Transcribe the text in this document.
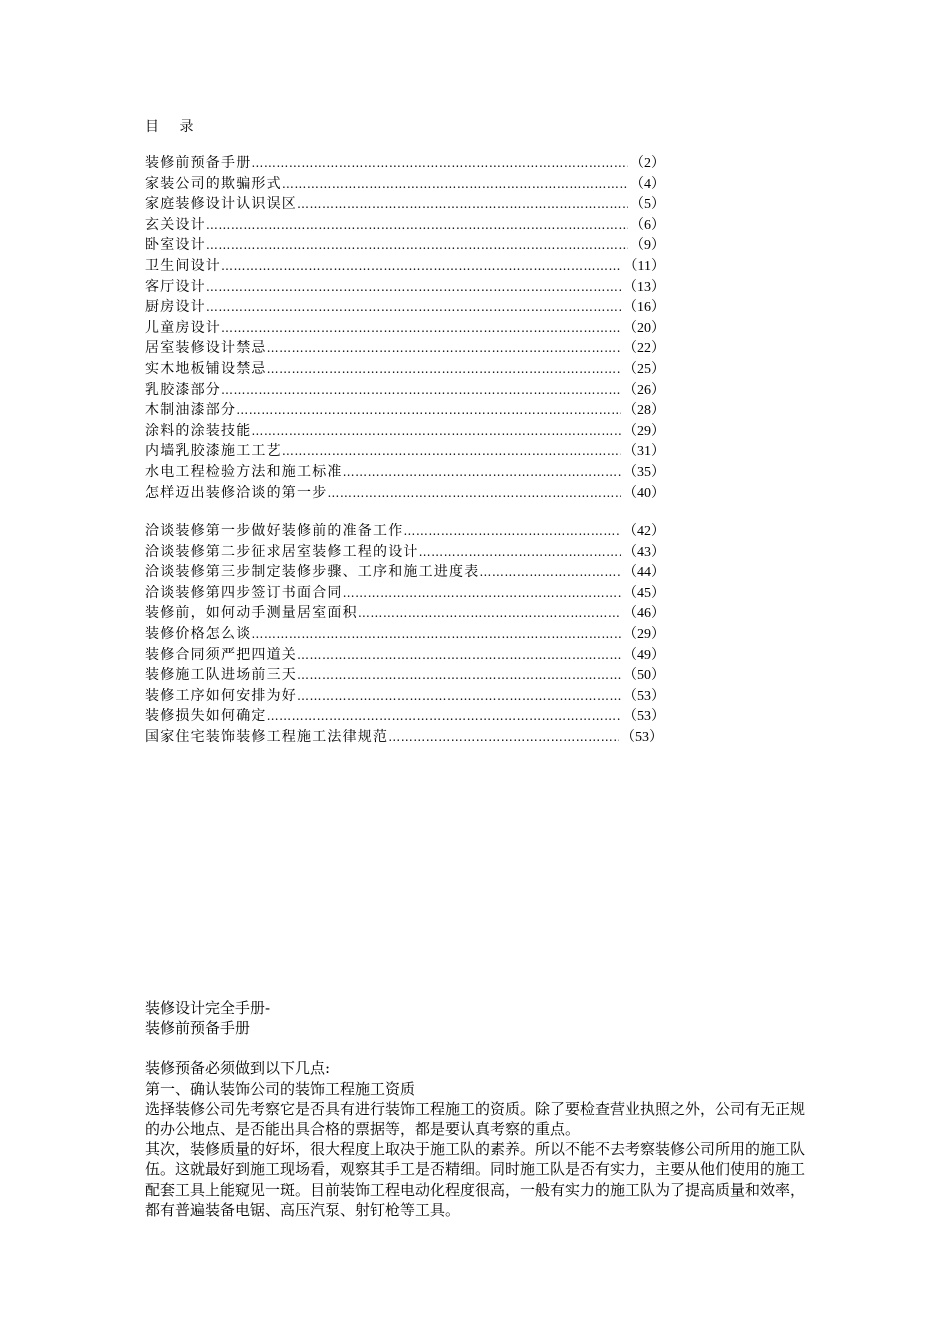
目 录
装修前预备手册 …………………………………………………………………………………………………………………………………………………………	（ 2 ）
家装公司的欺骗形式 …………………………………………………………………………………………………………………………………………………………	（ 4 ）
家庭装修设计认识误区 …………………………………………………………………………………………………………………………………………………………	（ 5 ）
玄关设计 …………………………………………………………………………………………………………………………………………………………	（ 6 ）
卧室设计 …………………………………………………………………………………………………………………………………………………………	（ 9 ）
卫生间设计 …………………………………………………………………………………………………………………………………………………………	（ 11 ）
客厅设计 …………………………………………………………………………………………………………………………………………………………	（ 13 ）
厨房设计 …………………………………………………………………………………………………………………………………………………………	（ 16 ）
儿童房设计 …………………………………………………………………………………………………………………………………………………………	（ 20 ）
居室装修设计禁忌 …………………………………………………………………………………………………………………………………………………………	（ 22 ）
实木地板铺设禁忌 …………………………………………………………………………………………………………………………………………………………	（ 25 ）
乳胶漆部分 …………………………………………………………………………………………………………………………………………………………	（ 26 ）
木制油漆部分 …………………………………………………………………………………………………………………………………………………………	（ 28 ）
涂料的涂装技能 …………………………………………………………………………………………………………………………………………………………	（ 29 ）
内墙乳胶漆施工工艺 …………………………………………………………………………………………………………………………………………………………	（ 31 ）
水电工程检验方法和施工标准 …………………………………………………………………………………………………………………………………………………………	（ 35 ）
怎样迈出装修洽谈的第一步 …………………………………………………………………………………………………………………………………………………………	（ 40 ）
洽谈装修第一步做好装修前的准备工作 …………………………………………………………………………………………………………………………………………………………	（ 42 ）
洽谈装修第二步征求居室装修工程的设计 …………………………………………………………………………………………………………………………………………………………	（ 43 ）
洽谈装修第三步制定装修步骤、工序和施工进度表 …………………………………………………………………………………………………………………………………………………………	（ 44 ）
洽谈装修第四步签订书面合同 …………………………………………………………………………………………………………………………………………………………	（ 45 ）
装修前，如何动手测量居室面积 …………………………………………………………………………………………………………………………………………………………	（ 46 ）
装修价格怎么谈 …………………………………………………………………………………………………………………………………………………………	（ 29 ）
装修合同须严把四道关 …………………………………………………………………………………………………………………………………………………………	（ 49 ）
装修施工队进场前三天 …………………………………………………………………………………………………………………………………………………………	（ 50 ）
装修工序如何安排为好 …………………………………………………………………………………………………………………………………………………………	（ 53 ）
装修损失如何确定 …………………………………………………………………………………………………………………………………………………………	（ 53 ）
国家住宅装饰装修工程施工法律规范 …………………………………………………………………………………………………………………………………………………………	（ 53 ）

装修设计完全手册-

装修前预备手册

装修预备必须做到以下几点:

第一、确认装饰公司的装饰工程施工资质

选择装修公司先考察它是否具有进行装饰工程施工的资质。除了要检查营业执照之外，公司有无正规的办公地点、是否能出具合格的票据等，都是要认真考察的重点。

其次，装修质量的好坏，很大程度上取决于施工队的素养。所以不能不去考察装修公司所用的施工队伍。这就最好到施工现场看，观察其手工是否精细。同时施工队是否有实力，主要从他们使用的施工配套工具上能窥见一斑。目前装饰工程电动化程度很高，一般有实力的施工队为了提高质量和效率，都有普遍装备电锯、高压汽泵、射钉枪等工具。
